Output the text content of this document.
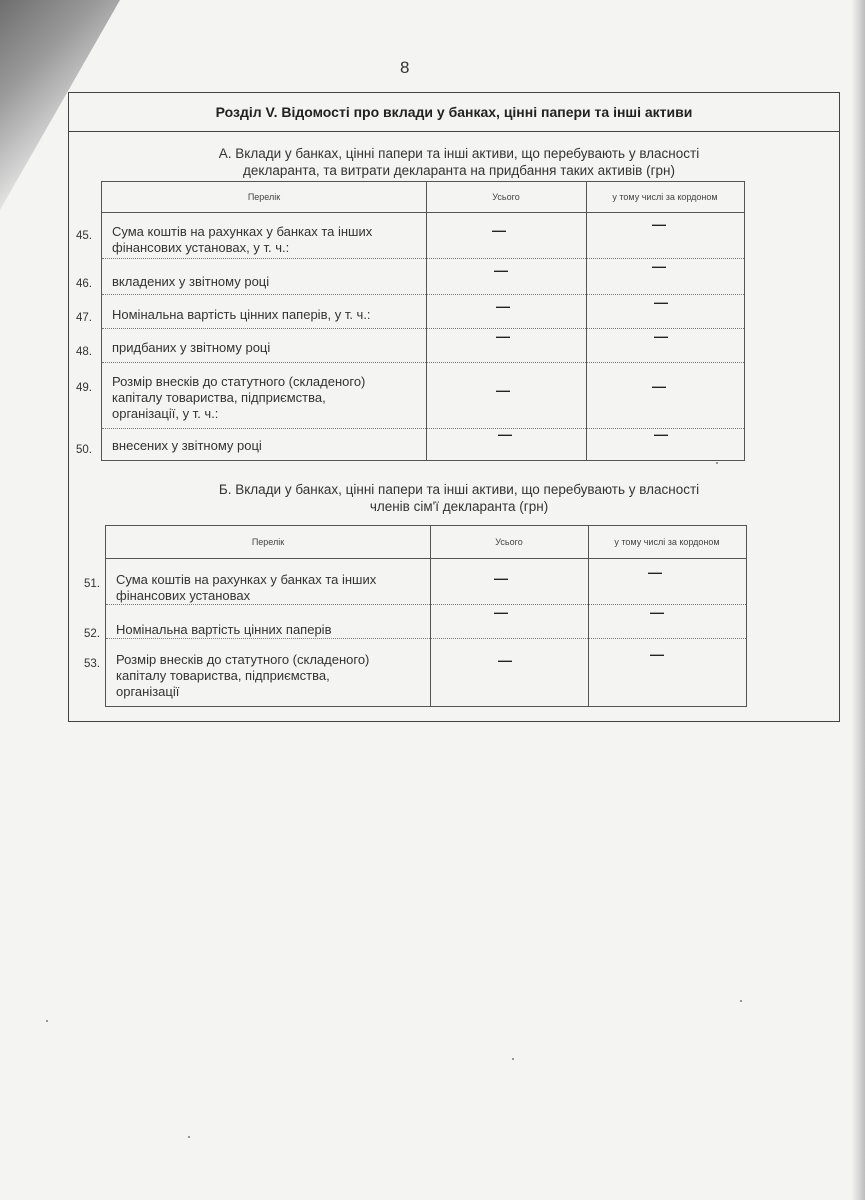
8
Розділ V. Відомості про вклади у банках, цінні папери та інші активи
А. Вклади у банках, цінні папери та інші активи, що перебувають у власності
декларанта, та витрати декларанта на придбання таких активів (грн)
Перелік	Усього	у тому числі за кордоном
45. Сума коштів на рахунках у банках та інших
фінансових установах, у т. ч.:
—	—
46. вкладених у звітному році
—	—
47. Номінальна вартість цінних паперів, у т. ч.:
—	—
48. придбаних у звітному році
—	—
49. Розмір внесків до статутного (складеного)
капіталу товариства, підприємства,
організації, у т. ч.:
—	—
50. внесених у звітному році
—	—
Б. Вклади у банках, цінні папери та інші активи, що перебувають у власності
членів сім'ї декларанта (грн)
Перелік	Усього	у тому числі за кордоном
51. Сума коштів на рахунках у банках та інших
фінансових установах
—	—
52. Номінальна вартість цінних паперів
—	—
53. Розмір внесків до статутного (складеного)
капіталу товариства, підприємства,
організації
—	—
